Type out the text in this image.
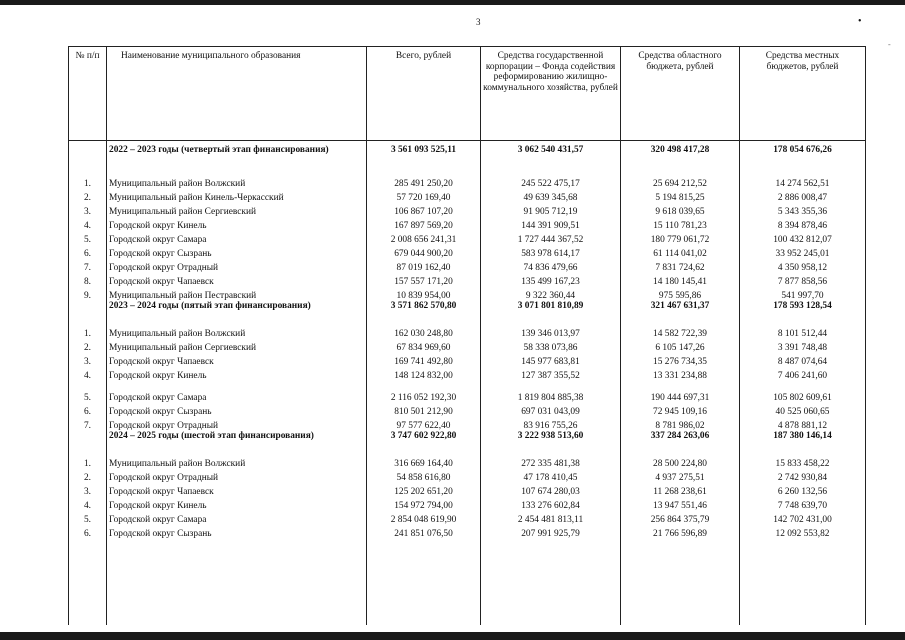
3	•
-
№ п/п	Наименование муниципального образования	Всего, рублей	Средства государственной корпорации – Фонда содействия реформированию жилищно-коммунального хозяйства, рублей	Средства областного бюджета, рублей	Средства местных бюджетов, рублей
	2022 – 2023 годы (четвертый этап финансирования)	3 561 093 525,11	3 062 540 431,57	320 498 417,28	178 054 676,26
1.	Муниципальный район Волжский	285 491 250,20	245 522 475,17	25 694 212,52	14 274 562,51
2.	Муниципальный район Кинель-Черкасский	57 720 169,40	49 639 345,68	5 194 815,25	2 886 008,47
3.	Муниципальный район Сергиевский	106 867 107,20	91 905 712,19	9 618 039,65	5 343 355,36
4.	Городской округ Кинель	167 897 569,20	144 391 909,51	15 110 781,23	8 394 878,46
5.	Городской округ Самара	2 008 656 241,31	1 727 444 367,52	180 779 061,72	100 432 812,07
6.	Городской округ Сызрань	679 044 900,20	583 978 614,17	61 114 041,02	33 952 245,01
7.	Городской округ Отрадный	87 019 162,40	74 836 479,66	7 831 724,62	4 350 958,12
8.	Городской округ Чапаевск	157 557 171,20	135 499 167,23	14 180 145,41	7 877 858,56
9.	Муниципальный район Пестравский	10 839 954,00	9 322 360,44	975 595,86	541 997,70
	2023 – 2024 годы (пятый этап финансирования)	3 571 862 570,80	3 071 801 810,89	321 467 631,37	178 593 128,54
1.	Муниципальный район Волжский	162 030 248,80	139 346 013,97	14 582 722,39	8 101 512,44
2.	Муниципальный район Сергиевский	67 834 969,60	58 338 073,86	6 105 147,26	3 391 748,48
3.	Городской округ Чапаевск	169 741 492,80	145 977 683,81	15 276 734,35	8 487 074,64
4.	Городской округ Кинель	148 124 832,00	127 387 355,52	13 331 234,88	7 406 241,60
5.	Городской округ Самара	2 116 052 192,30	1 819 804 885,38	190 444 697,31	105 802 609,61
6.	Городской округ Сызрань	810 501 212,90	697 031 043,09	72 945 109,16	40 525 060,65
7.	Городской округ Отрадный	97 577 622,40	83 916 755,26	8 781 986,02	4 878 881,12
	2024 – 2025 годы (шестой этап финансирования)	3 747 602 922,80	3 222 938 513,60	337 284 263,06	187 380 146,14
1.	Муниципальный район Волжский	316 669 164,40	272 335 481,38	28 500 224,80	15 833 458,22
2.	Городской округ Отрадный	54 858 616,80	47 178 410,45	4 937 275,51	2 742 930,84
3.	Городской округ Чапаевск	125 202 651,20	107 674 280,03	11 268 238,61	6 260 132,56
4.	Городской округ Кинель	154 972 794,00	133 276 602,84	13 947 551,46	7 748 639,70
5.	Городской округ Самара	2 854 048 619,90	2 454 481 813,11	256 864 375,79	142 702 431,00
6.	Городской округ Сызрань	241 851 076,50	207 991 925,79	21 766 596,89	12 092 553,82
